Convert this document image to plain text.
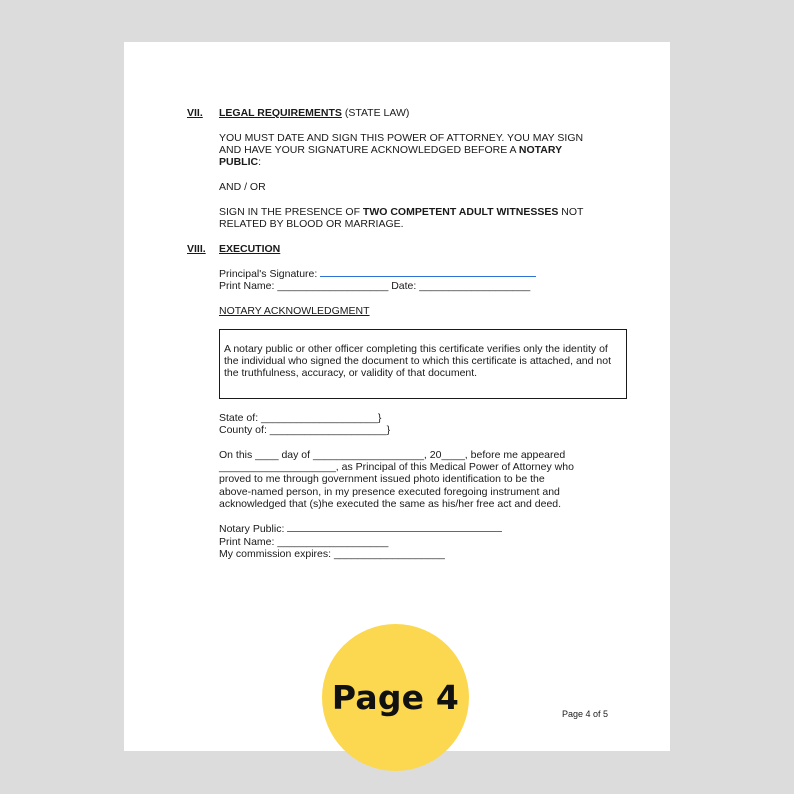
VII. LEGAL REQUIREMENTS (STATE LAW)
YOU MUST DATE AND SIGN THIS POWER OF ATTORNEY. YOU MAY SIGN
AND HAVE YOUR SIGNATURE ACKNOWLEDGED BEFORE A NOTARY
PUBLIC:
AND / OR
SIGN IN THE PRESENCE OF TWO COMPETENT ADULT WITNESSES NOT
RELATED BY BLOOD OR MARRIAGE.
VIII. EXECUTION
Principal's Signature:
Print Name: ___________________ Date: ___________________
NOTARY ACKNOWLEDGMENT
A notary public or other officer completing this certificate verifies only the identity of
the individual who signed the document to which this certificate is attached, and not
the truthfulness, accuracy, or validity of that document.
State of: ____________________}
County of: ____________________}
On this ____ day of ___________________, 20____, before me appeared
____________________, as Principal of this Medical Power of Attorney who
proved to me through government issued photo identification to be the
above-named person, in my presence executed foregoing instrument and
acknowledged that (s)he executed the same as his/her free act and deed.
Notary Public:
Print Name: ___________________
My commission expires: ___________________
Page 4 of 5
Page 4
